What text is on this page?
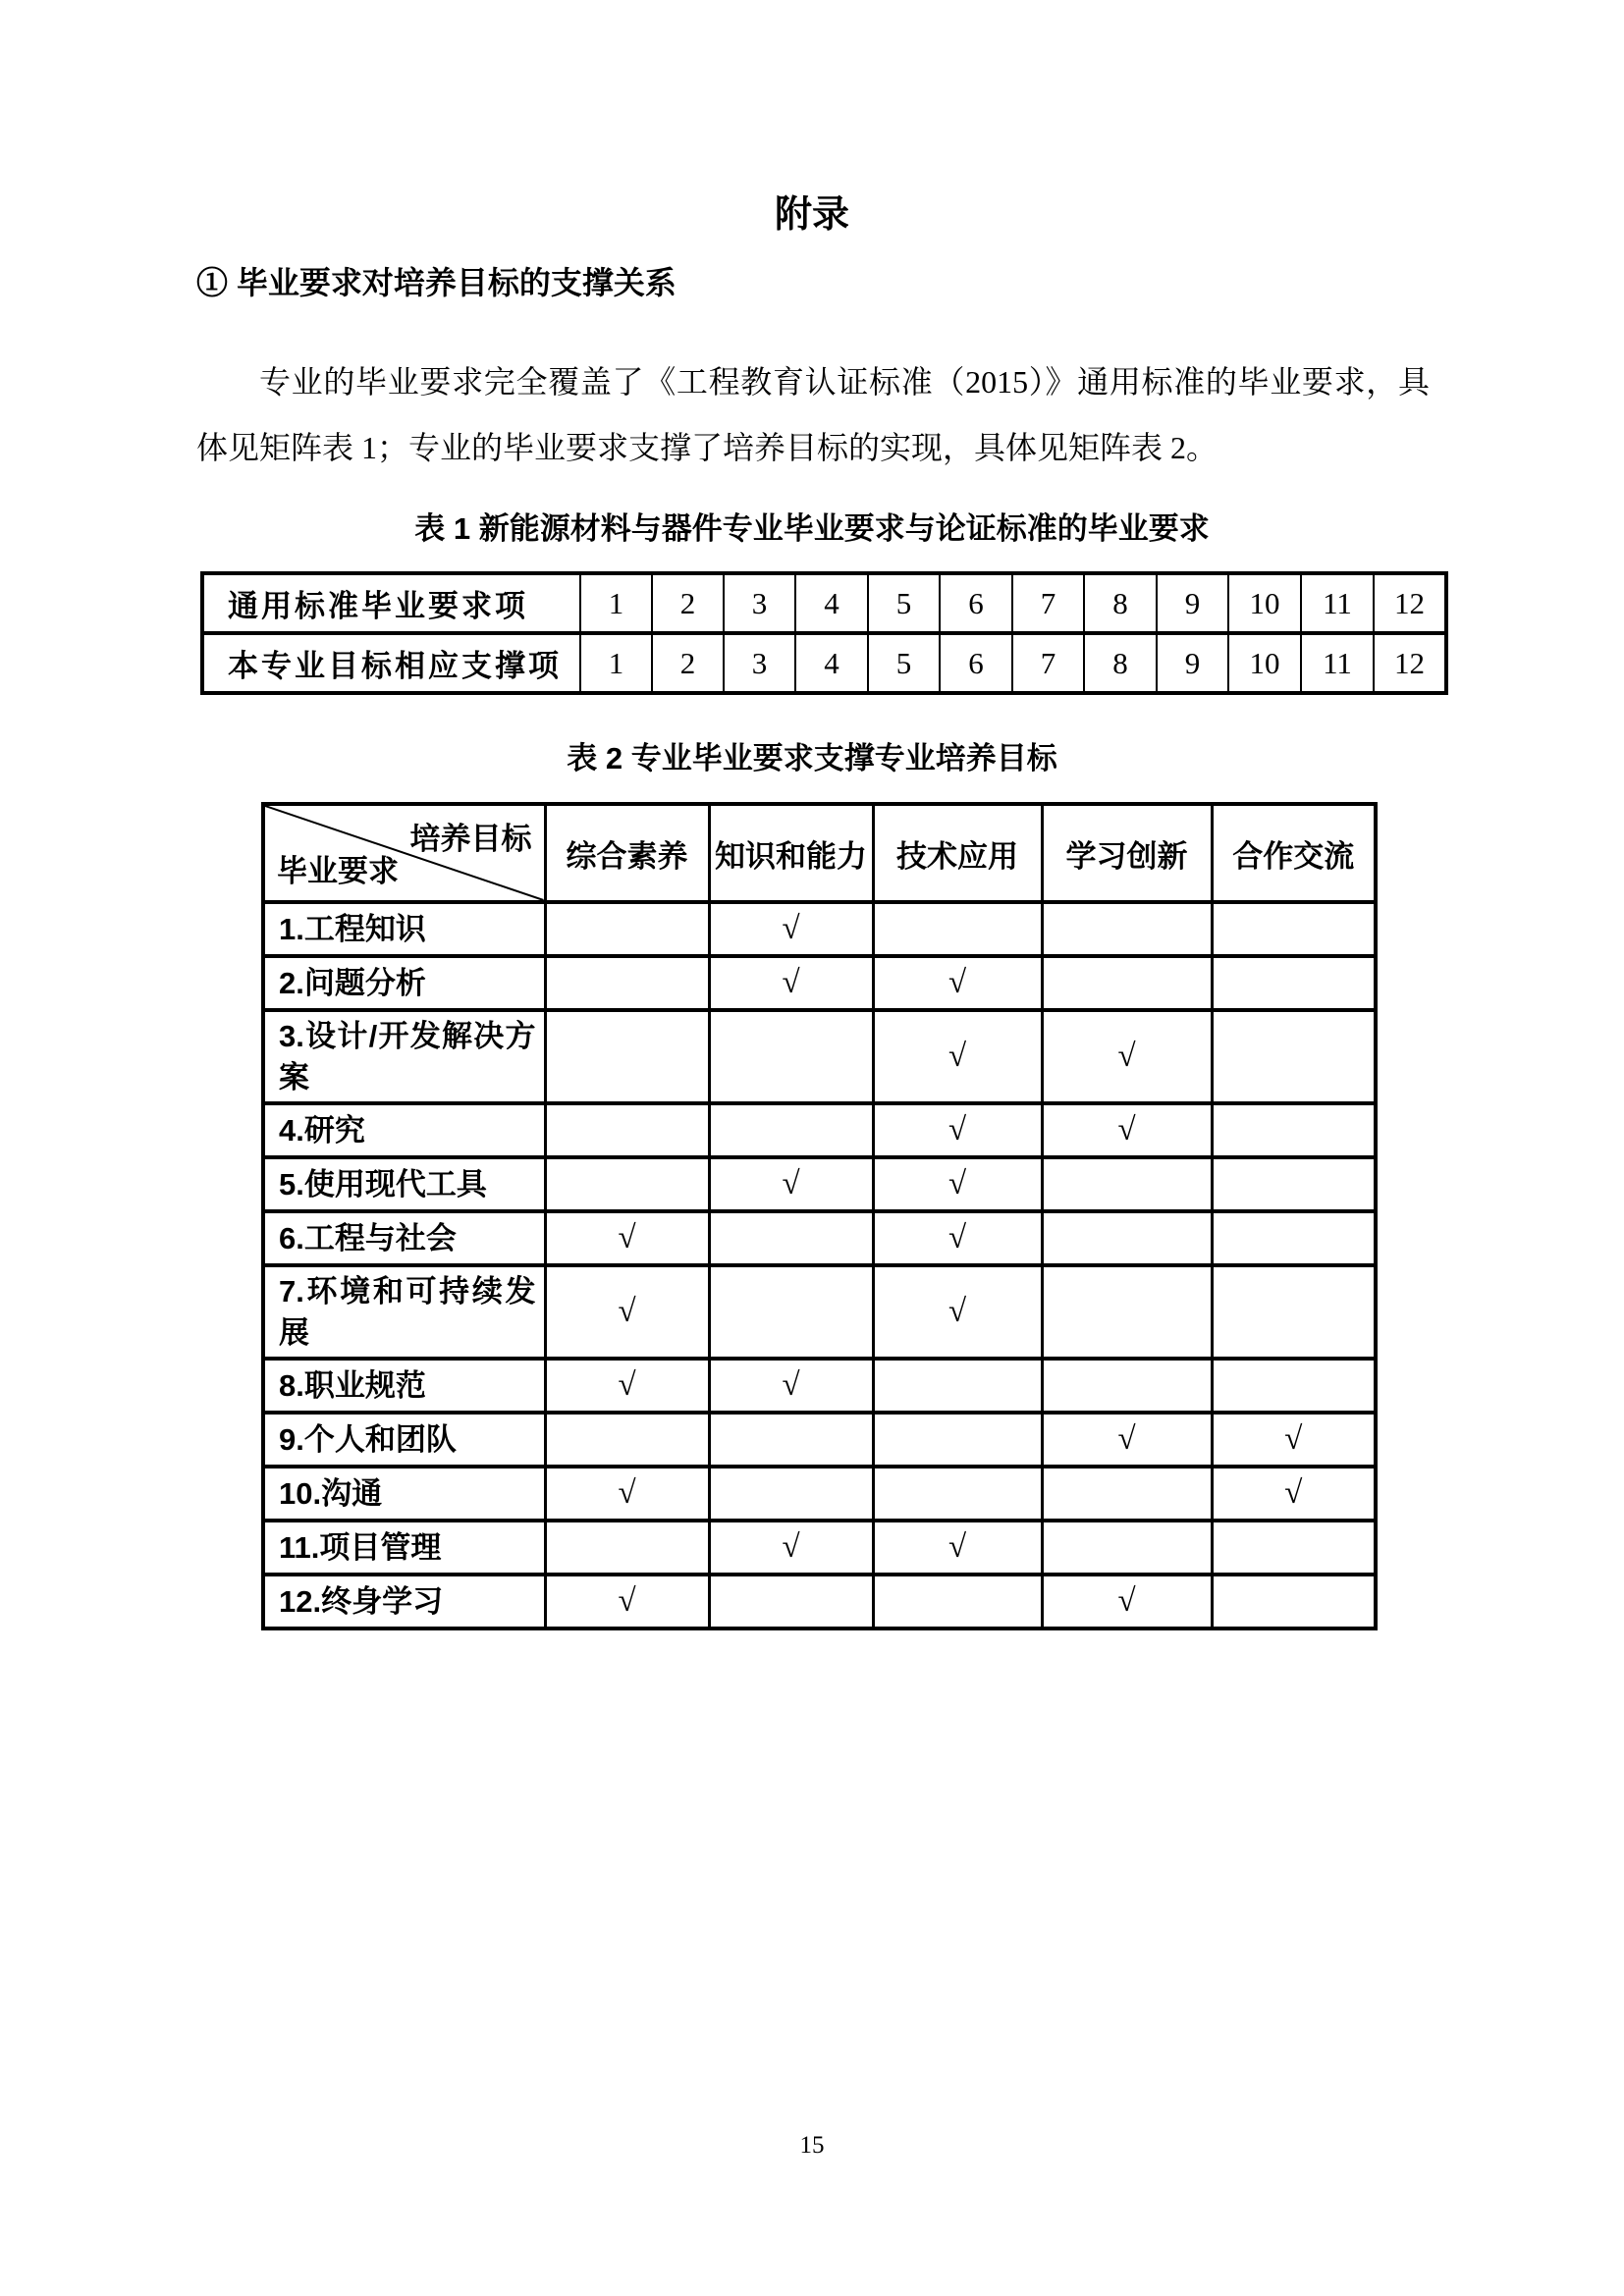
附录
① 毕业要求对培养目标的支撑关系

专业的毕业要求完全覆盖了《工程教育认证标准（2015）》通用标准的毕业要求，具体见矩阵表 1；专业的毕业要求支撑了培养目标的实现，具体见矩阵表 2。

表 1 新能源材料与器件专业毕业要求与论证标准的毕业要求
通用标准毕业要求项	1	2	3	4	5	6	7	8	9	10	11	12
本专业目标相应支撑项	1	2	3	4	5	6	7	8	9	10	11	12
表 2 专业毕业要求支撑专业培养目标
培养目标
毕业要求	综合素养	知识和能力	技术应用	学习创新	合作交流
1.工程知识		√			
2.问题分析		√	√		
3.设计/开发解决方案			√	√	
4.研究			√	√	
5.使用现代工具		√	√		
6.工程与社会	√		√		
7.环境和可持续发展	√		√		
8.职业规范	√	√			
9.个人和团队				√	√
10.沟通	√				√
11.项目管理		√	√		
12.终身学习	√			√	
15
